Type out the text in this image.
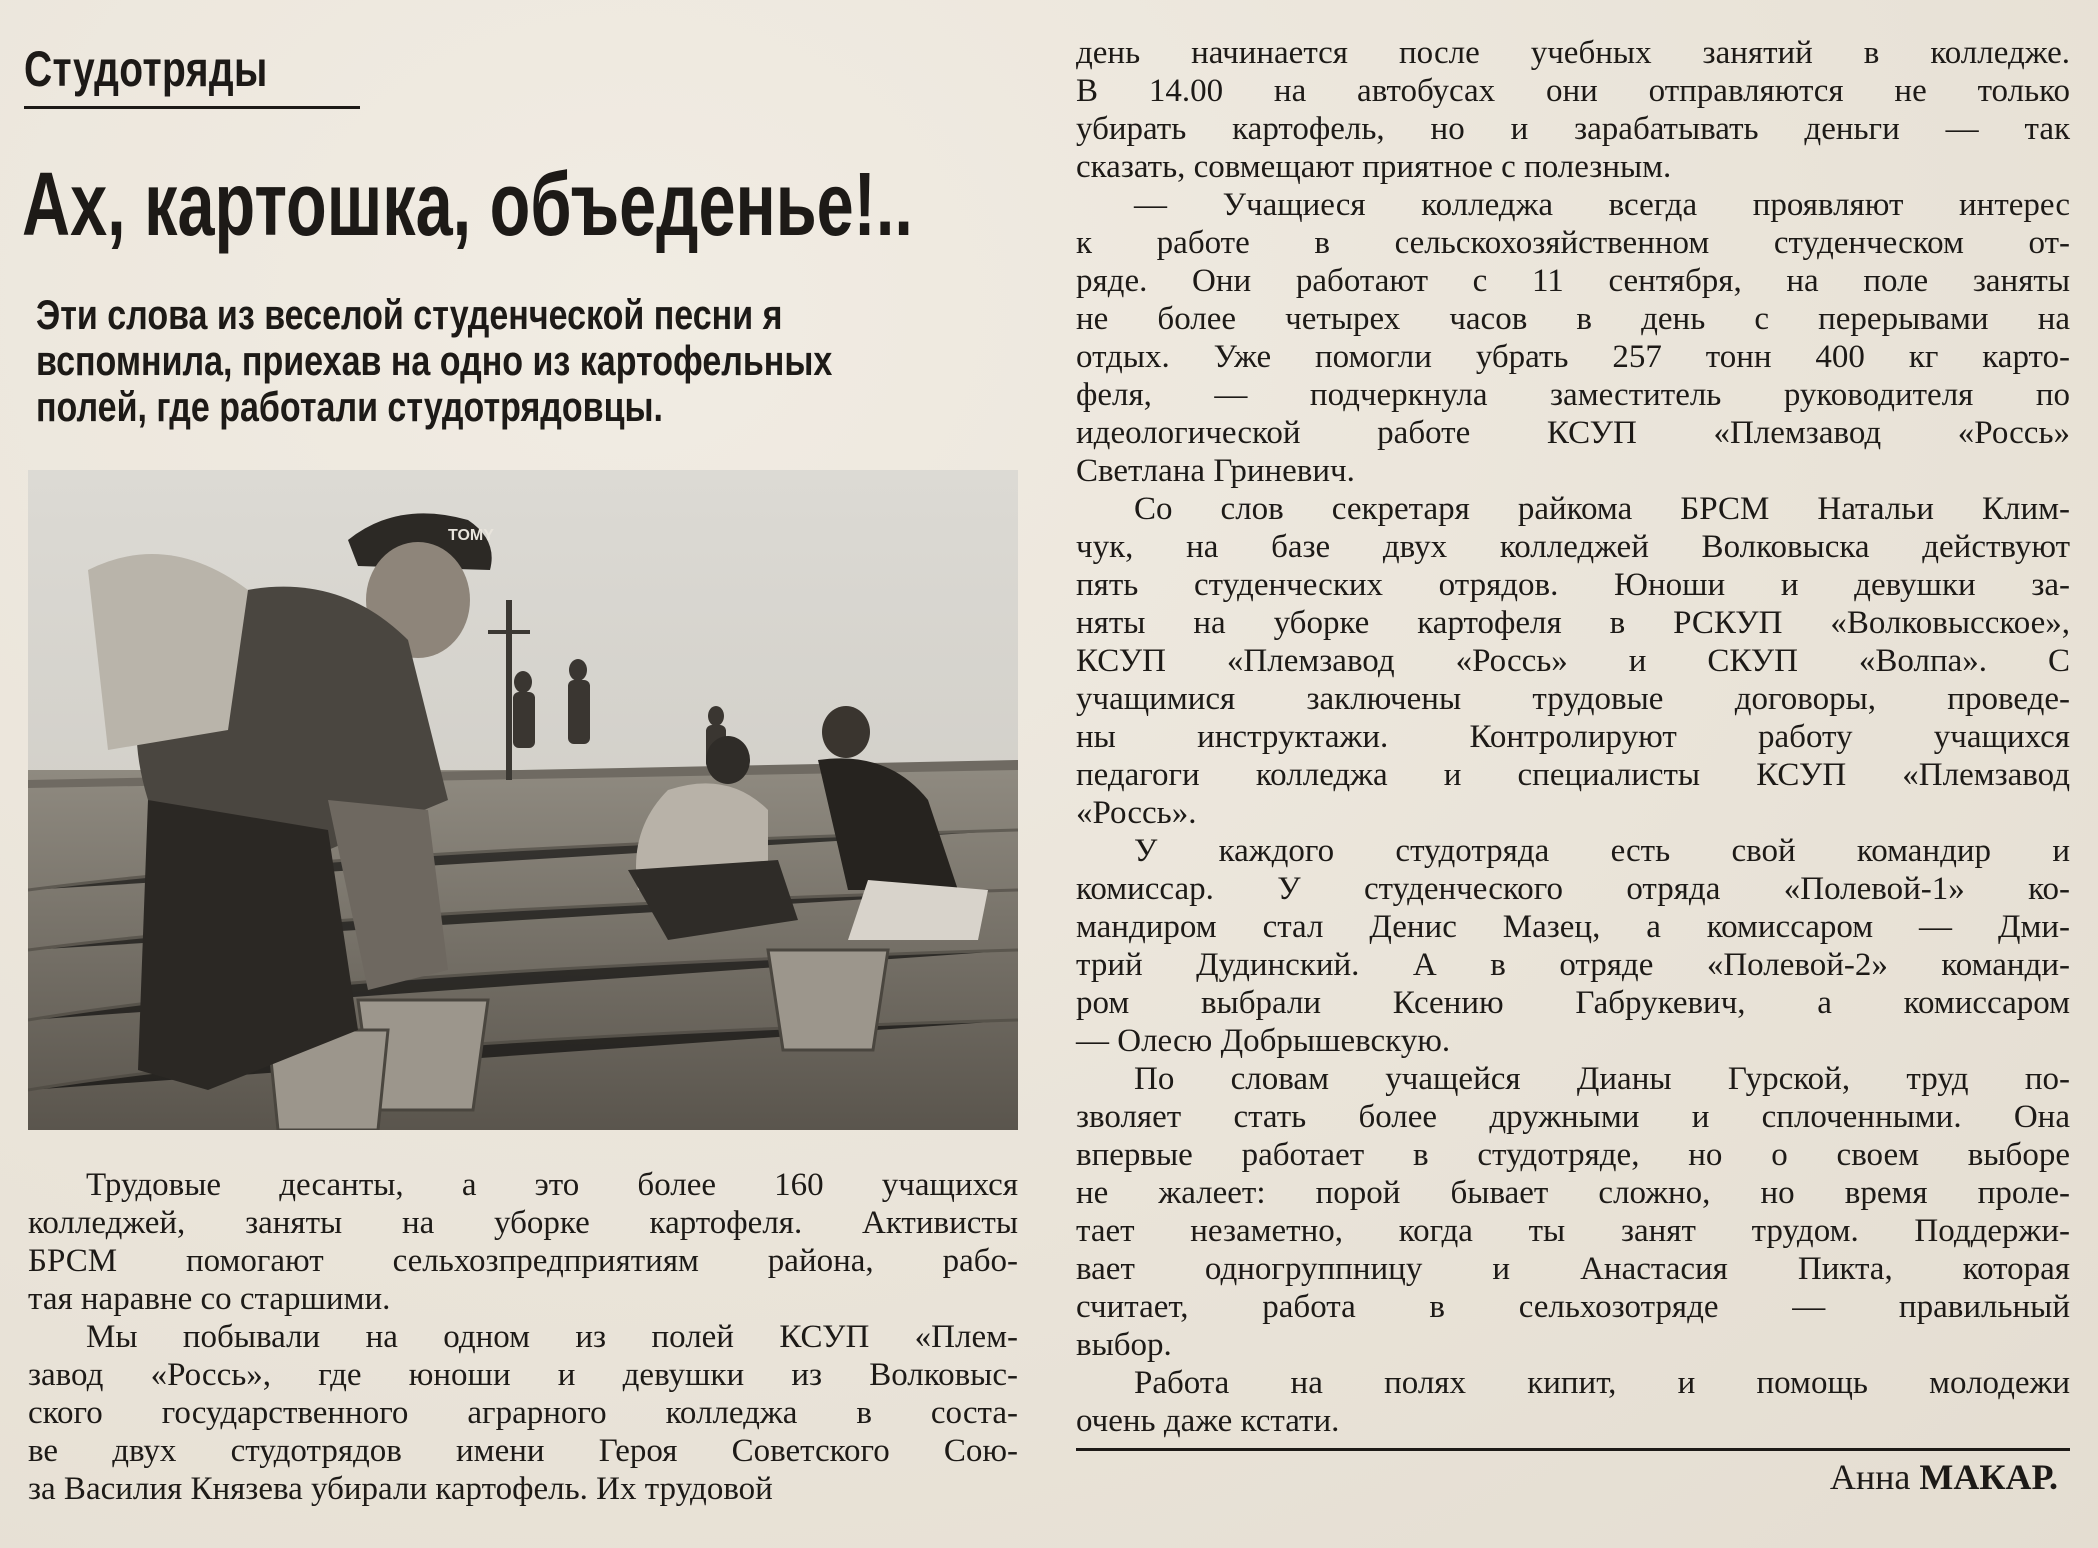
Студотряды
Ах, картошка, объеденье!..
Эти слова из веселой студенческой песни я
вспомнила, приехав на одно из картофельных
полей, где работали студотрядовцы.
TOMY

Трудовые десанты, а это более 160 учащихся
колледжей, заняты на уборке картофеля. Активисты
БРСМ помогают сельхозпредприятиям района, рабо-
тая наравне со старшими.

Мы побывали на одном из полей КСУП «Плем-
завод «Россь», где юноши и девушки из Волковыс-
ского государственного аграрного колледжа в соста-
ве двух студотрядов имени Героя Советского Сою-
за Василия Князева убирали картофель. Их трудовой

день начинается после учебных занятий в колледже.
В 14.00 на автобусах они отправляются не только
убирать картофель, но и зарабатывать деньги — так
сказать, совмещают приятное с полезным.

— Учащиеся колледжа всегда проявляют интерес
к работе в сельскохозяйственном студенческом от-
ряде. Они работают с 11 сентября, на поле заняты
не более четырех часов в день с перерывами на
отдых. Уже помогли убрать 257 тонн 400 кг карто-
феля, — подчеркнула заместитель руководителя по
идеологической работе КСУП «Племзавод «Россь»
Светлана Гриневич.

Со слов секретаря райкома БРСМ Натальи Клим-
чук, на базе двух колледжей Волковыска действуют
пять студенческих отрядов. Юноши и девушки за-
няты на уборке картофеля в РСКУП «Волковысское»,
КСУП «Племзавод «Россь» и СКУП «Волпа». С
учащимися заключены трудовые договоры, проведе-
ны инструктажи. Контролируют работу учащихся
педагоги колледжа и специалисты КСУП «Племзавод
«Россь».

У каждого студотряда есть свой командир и
комиссар. У студенческого отряда «Полевой-1» ко-
мандиром стал Денис Мазец, а комиссаром — Дми-
трий Дудинский. А в отряде «Полевой-2» команди-
ром выбрали Ксению Габрукевич, а комиссаром
— Олесю Добрышевскую.

По словам учащейся Дианы Гурской, труд по-
зволяет стать более дружными и сплоченными. Она
впервые работает в студотряде, но о своем выборе
не жалеет: порой бывает сложно, но время проле-
тает незаметно, когда ты занят трудом. Поддержи-
вает одногруппницу и Анастасия Пикта, которая
считает, работа в сельхозотряде — правильный
выбор.

Работа на полях кипит, и помощь молодежи
очень даже кстати.

Анна МАКАР.
